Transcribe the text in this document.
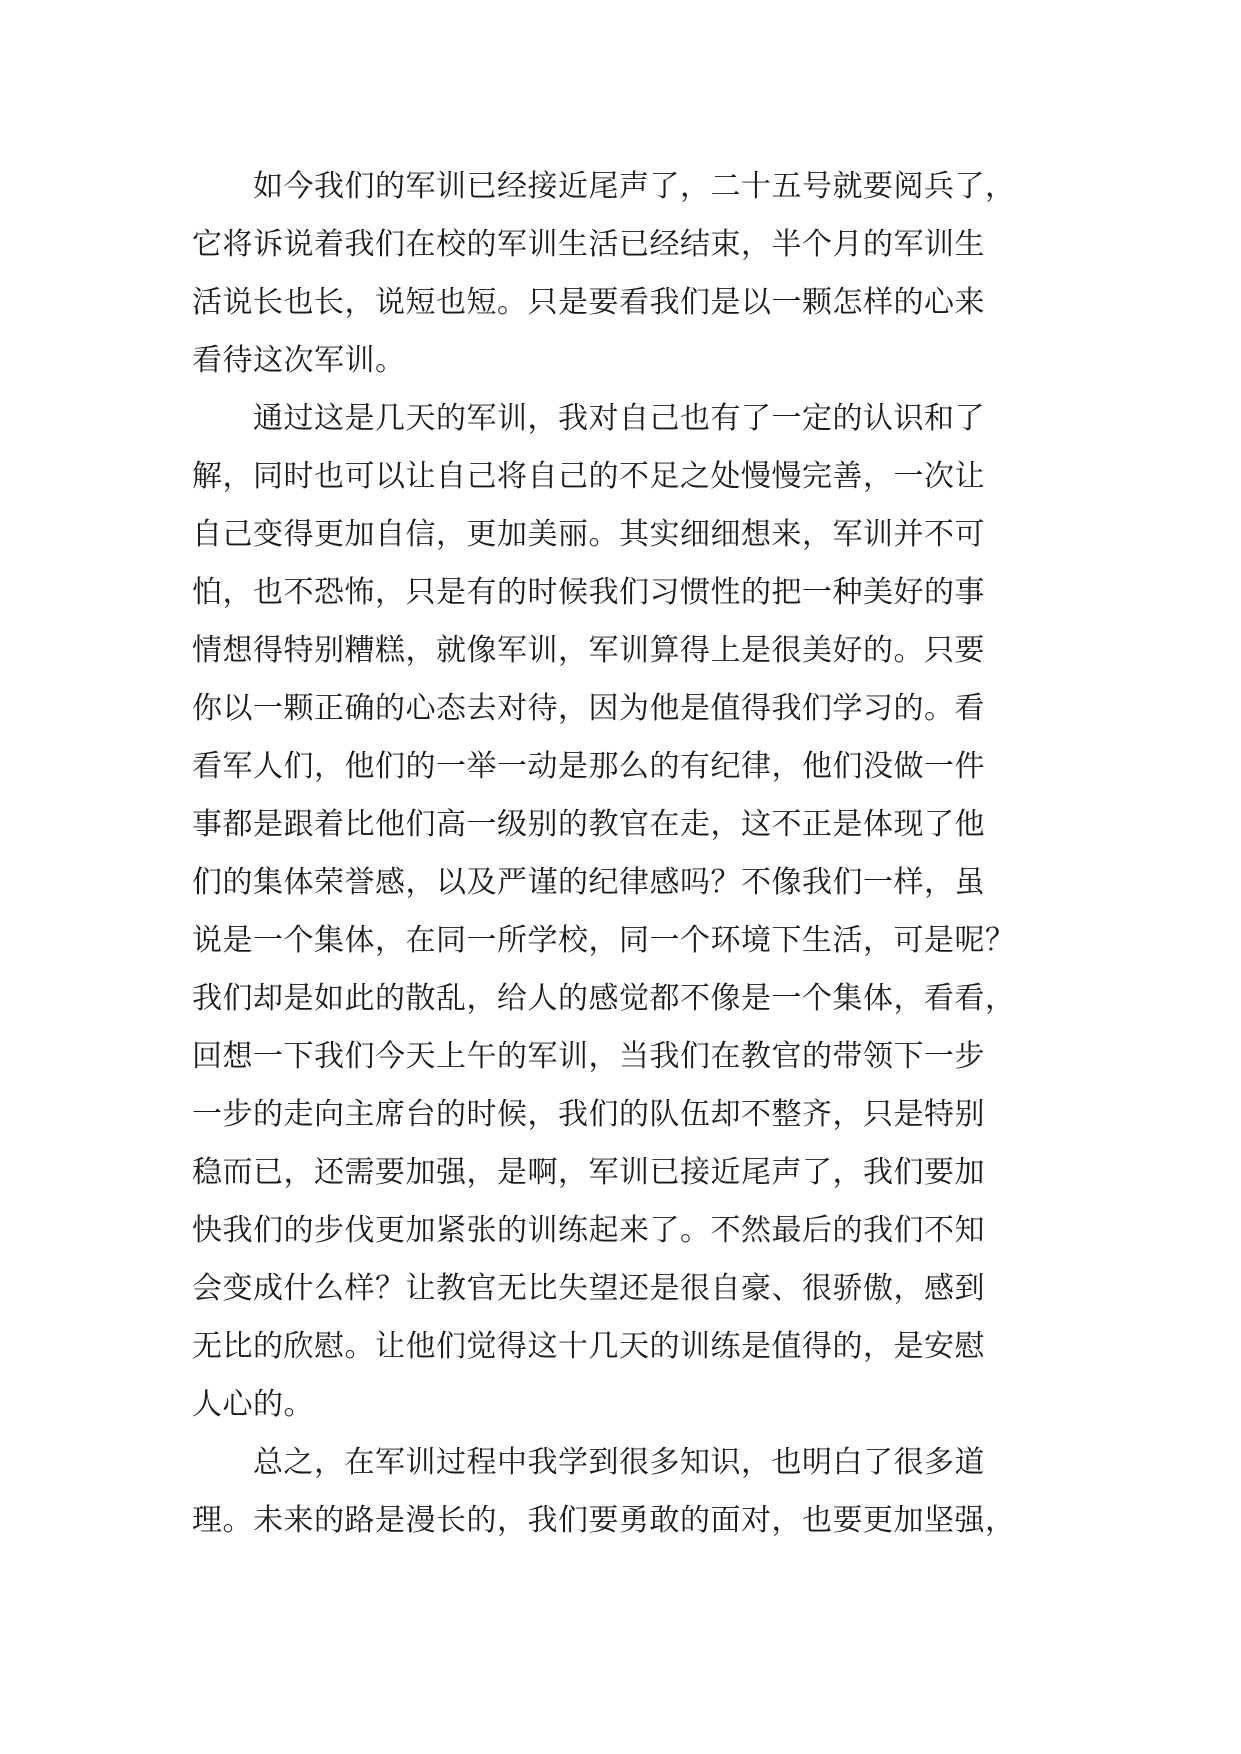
　　如今我们的军训已经接近尾声了，二十五号就要阅兵了，
它将诉说着我们在校的军训生活已经结束，半个月的军训生
活说长也长，说短也短。只是要看我们是以一颗怎样的心来
看待这次军训。
　　通过这是几天的军训，我对自己也有了一定的认识和了
解，同时也可以让自己将自己的不足之处慢慢完善，一次让
自己变得更加自信，更加美丽。其实细细想来，军训并不可
怕，也不恐怖，只是有的时候我们习惯性的把一种美好的事
情想得特别糟糕，就像军训，军训算得上是很美好的。只要
你以一颗正确的心态去对待，因为他是值得我们学习的。看
看军人们，他们的一举一动是那么的有纪律，他们没做一件
事都是跟着比他们高一级别的教官在走，这不正是体现了他
们的集体荣誉感，以及严谨的纪律感吗？不像我们一样，虽
说是一个集体，在同一所学校，同一个环境下生活，可是呢？
我们却是如此的散乱，给人的感觉都不像是一个集体，看看，
回想一下我们今天上午的军训，当我们在教官的带领下一步
一步的走向主席台的时候，我们的队伍却不整齐，只是特别
稳而已，还需要加强，是啊，军训已接近尾声了，我们要加
快我们的步伐更加紧张的训练起来了。不然最后的我们不知
会变成什么样？让教官无比失望还是很自豪、很骄傲，感到
无比的欣慰。让他们觉得这十几天的训练是值得的，是安慰
人心的。
　　总之，在军训过程中我学到很多知识，也明白了很多道
理。未来的路是漫长的，我们要勇敢的面对，也要更加坚强，
